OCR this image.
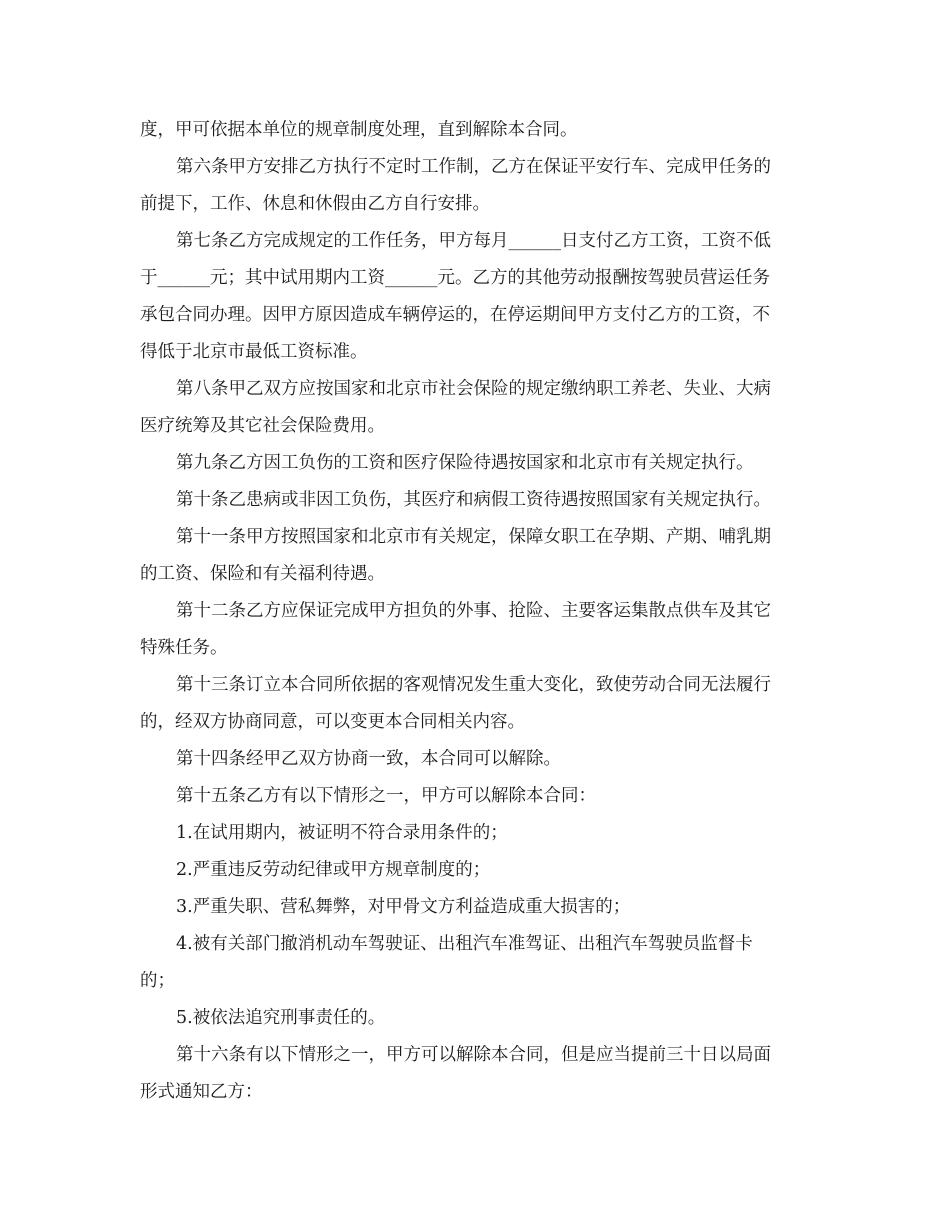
度，甲可依据本单位的规章制度处理，直到解除本合同。
第六条甲方安排乙方执行不定时工作制，乙方在保证平安行车、完成甲任务的
前提下，工作、休息和休假由乙方自行安排。
第七条乙方完成规定的工作任务，甲方每月______日支付乙方工资，工资不低
于______元；其中试用期内工资______元。乙方的其他劳动报酬按驾驶员营运任务
承包合同办理。因甲方原因造成车辆停运的，在停运期间甲方支付乙方的工资，不
得低于北京市最低工资标准。
第八条甲乙双方应按国家和北京市社会保险的规定缴纳职工养老、失业、大病
医疗统筹及其它社会保险费用。
第九条乙方因工负伤的工资和医疗保险待遇按国家和北京市有关规定执行。
第十条乙患病或非因工负伤，其医疗和病假工资待遇按照国家有关规定执行。
第十一条甲方按照国家和北京市有关规定，保障女职工在孕期、产期、哺乳期
的工资、保险和有关福利待遇。
第十二条乙方应保证完成甲方担负的外事、抢险、主要客运集散点供车及其它
特殊任务。
第十三条订立本合同所依据的客观情况发生重大变化，致使劳动合同无法履行
的，经双方协商同意，可以变更本合同相关内容。
第十四条经甲乙双方协商一致，本合同可以解除。
第十五条乙方有以下情形之一，甲方可以解除本合同：
1.在试用期内，被证明不符合录用条件的；
2.严重违反劳动纪律或甲方规章制度的；
3.严重失职、营私舞弊，对甲骨文方利益造成重大损害的；
4.被有关部门撤消机动车驾驶证、出租汽车准驾证、出租汽车驾驶员监督卡
的；
5.被依法追究刑事责任的。
第十六条有以下情形之一，甲方可以解除本合同，但是应当提前三十日以局面
形式通知乙方：
